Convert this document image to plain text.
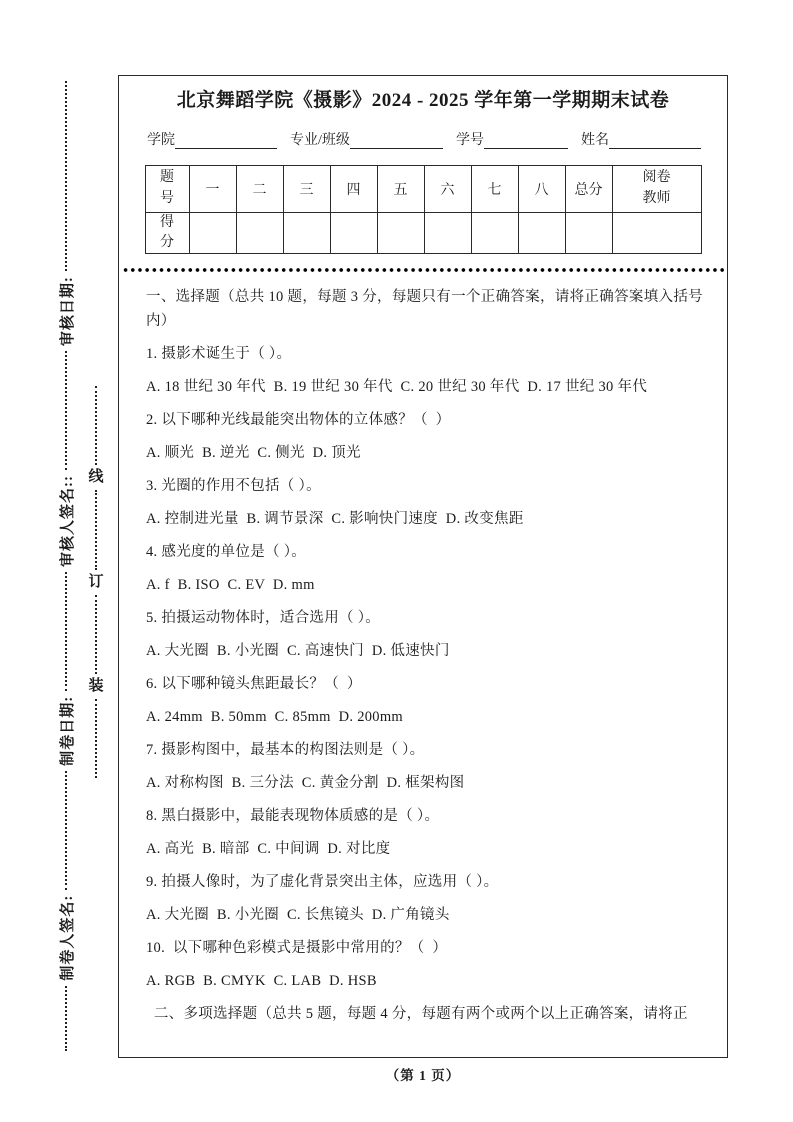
制卷人签名:
制卷日期:
审核人签名::
审核日期:
线
订
装
北京舞蹈学院《摄影》2024 - 2025 学年第一学期期末试卷
学院	专业/班级	学号	姓名
题号	一	二	三	四	五	六	七	八	总分	阅卷教师
得分										

一、选择题（总共 10 题，每题 3 分，每题只有一个正确答案，请将正确答案填入括号内）

1. 摄影术诞生于（ ）。

A. 18 世纪 30 年代  B. 19 世纪 30 年代  C. 20 世纪 30 年代  D. 17 世纪 30 年代

2. 以下哪种光线最能突出物体的立体感？（  ）

A. 顺光  B. 逆光  C. 侧光  D. 顶光

3. 光圈的作用不包括（ ）。

A. 控制进光量  B. 调节景深  C. 影响快门速度  D. 改变焦距

4. 感光度的单位是（ ）。

A. f  B. ISO  C. EV  D. mm

5. 拍摄运动物体时，适合选用（ ）。

A. 大光圈  B. 小光圈  C. 高速快门  D. 低速快门

6. 以下哪种镜头焦距最长？（  ）

A. 24mm  B. 50mm  C. 85mm  D. 200mm

7. 摄影构图中，最基本的构图法则是（ ）。

A. 对称构图  B. 三分法  C. 黄金分割  D. 框架构图

8. 黑白摄影中，最能表现物体质感的是（ ）。

A. 高光  B. 暗部  C. 中间调  D. 对比度

9. 拍摄人像时，为了虚化背景突出主体，应选用（ ）。

A. 大光圈  B. 小光圈  C. 长焦镜头  D. 广角镜头

10.  以下哪种色彩模式是摄影中常用的？（  ）

A. RGB  B. CMYK  C. LAB  D. HSB

二、多项选择题（总共 5 题，每题 4 分，每题有两个或两个以上正确答案，请将正

（第 1 页）
